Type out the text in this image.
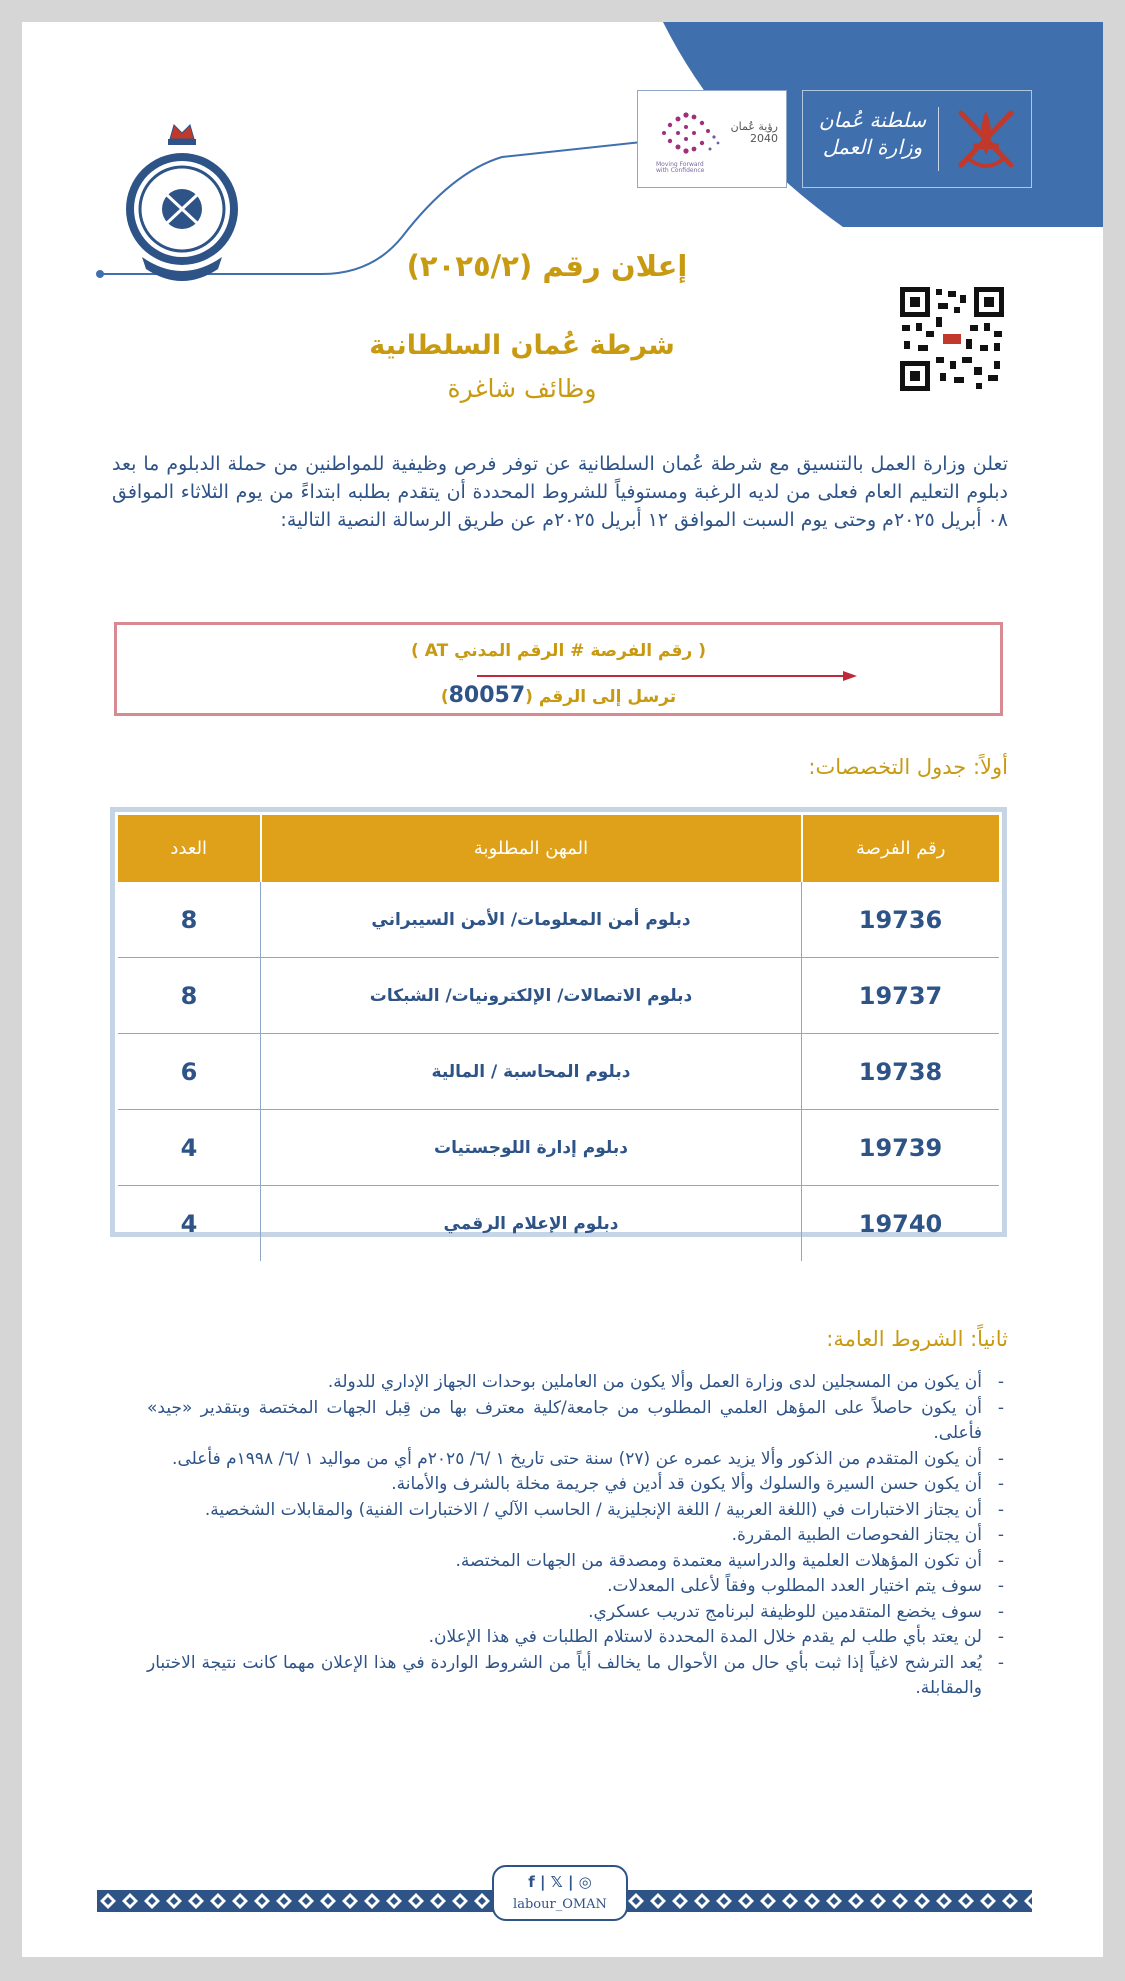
رؤية عُمان 2040
Moving Forward with Confidence
سلطنة عُمان
وزارة العمل
إعلان رقم (٢٠٢٥/٢)
شرطة عُمان السلطانية
وظائف شاغرة
تعلن وزارة العمل بالتنسيق مع شرطة عُمان السلطانية عن توفر فرص وظيفية للمواطنين من حملة الدبلوم ما بعد دبلوم التعليم العام فعلى من لديه الرغبة ومستوفياً للشروط المحددة أن يتقدم بطلبه ابتداءً من يوم الثلاثاء الموافق ٠٨ أبريل ٢٠٢٥م وحتى يوم السبت الموافق ١٢ أبريل ٢٠٢٥م عن طريق الرسالة النصية التالية:
( رقم الفرصة # الرقم المدني AT )
ترسل إلى الرقم (80057)
أولاً: جدول التخصصات:
رقم الفرصة	المهن المطلوبة	العدد
19736	دبلوم أمن المعلومات/ الأمن السيبراني	8
19737	دبلوم الاتصالات/ الإلكترونيات/ الشبكات	8
19738	دبلوم المحاسبة / المالية	6
19739	دبلوم إدارة اللوجستيات	4
19740	دبلوم الإعلام الرقمي	4
ثانياً: الشروط العامة:
- أن يكون من المسجلين لدى وزارة العمل وألا يكون من العاملين بوحدات الجهاز الإداري للدولة.
- أن يكون حاصلاً على المؤهل العلمي المطلوب من جامعة/كلية معترف بها من قِبل الجهات المختصة وبتقدير «جيد» فأعلى.
- أن يكون المتقدم من الذكور وألا يزيد عمره عن (٢٧) سنة حتى تاريخ ١ /٦/ ٢٠٢٥م أي من مواليد ١ /٦/ ١٩٩٨م فأعلى.
- أن يكون حسن السيرة والسلوك وألا يكون قد أدين في جريمة مخلة بالشرف والأمانة.
- أن يجتاز الاختبارات في (اللغة العربية / اللغة الإنجليزية / الحاسب الآلي / الاختبارات الفنية) والمقابلات الشخصية.
- أن يجتاز الفحوصات الطبية المقررة.
- أن تكون المؤهلات العلمية والدراسية معتمدة ومصدقة من الجهات المختصة.
- سوف يتم اختيار العدد المطلوب وفقاً لأعلى المعدلات.
- سوف يخضع المتقدمين للوظيفة لبرنامج تدريب عسكري.
- لن يعتد بأي طلب لم يقدم خلال المدة المحددة لاستلام الطلبات في هذا الإعلان.
- يُعد الترشح لاغياً إذا ثبت بأي حال من الأحوال ما يخالف أياً من الشروط الواردة في هذا الإعلان مهما كانت نتيجة الاختبار والمقابلة.
f | 𝕏 | ◎
labour_OMAN
